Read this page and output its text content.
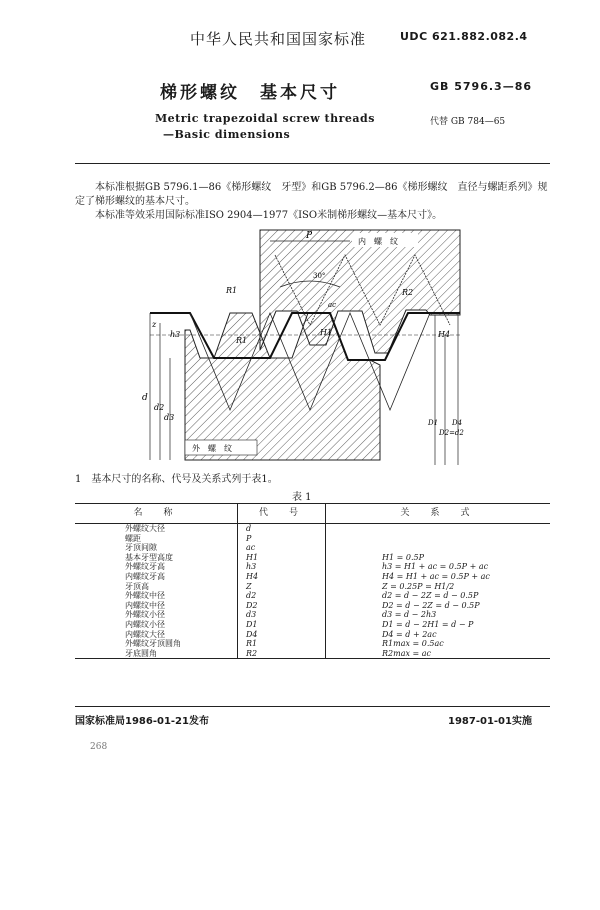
中华人民共和国国家标准	UDC 621.882.082.4
梯形螺纹　基本尺寸	GB 5796.3—86
Metric trapezoidal screw threads
—Basic dimensions
代替 GB 784—65
本标准根据GB 5796.1—86《梯形螺纹　牙型》和GB 5796.2—86《梯形螺纹　直径与螺距系列》规定了梯形螺纹的基本尺寸。
本标准等效采用国际标准ISO 2904—1977《ISO米制梯形螺纹—基本尺寸》。
内　螺　纹
外　螺　纹
P
30°
R1
R1
R2
z
h3	H1	H4
ac
d
d2
d3
D1
D2=d2
D4
1　基本尺寸的名称、代号及关系式列于表1。
表 1
名　称	代　号	关　系　式
外螺纹大径	d	
螺距	P	
牙顶间隙	ac	
基本牙型高度	H1	H1 = 0.5P
外螺纹牙高	h3	h3 = H1 + ac = 0.5P + ac
内螺纹牙高	H4	H4 = H1 + ac = 0.5P + ac
牙顶高	Z	Z = 0.25P = H1/2
外螺纹中径	d2	d2 = d − 2Z = d − 0.5P
内螺纹中径	D2	D2 = d − 2Z = d − 0.5P
外螺纹小径	d3	d3 = d − 2h3
内螺纹小径	D1	D1 = d − 2H1 = d − P
内螺纹大径	D4	D4 = d + 2ac
外螺纹牙顶圆角	R1	R1max = 0.5ac
牙底圆角	R2	R2max = ac
国家标准局1986-01-21发布	1987-01-01实施
268
